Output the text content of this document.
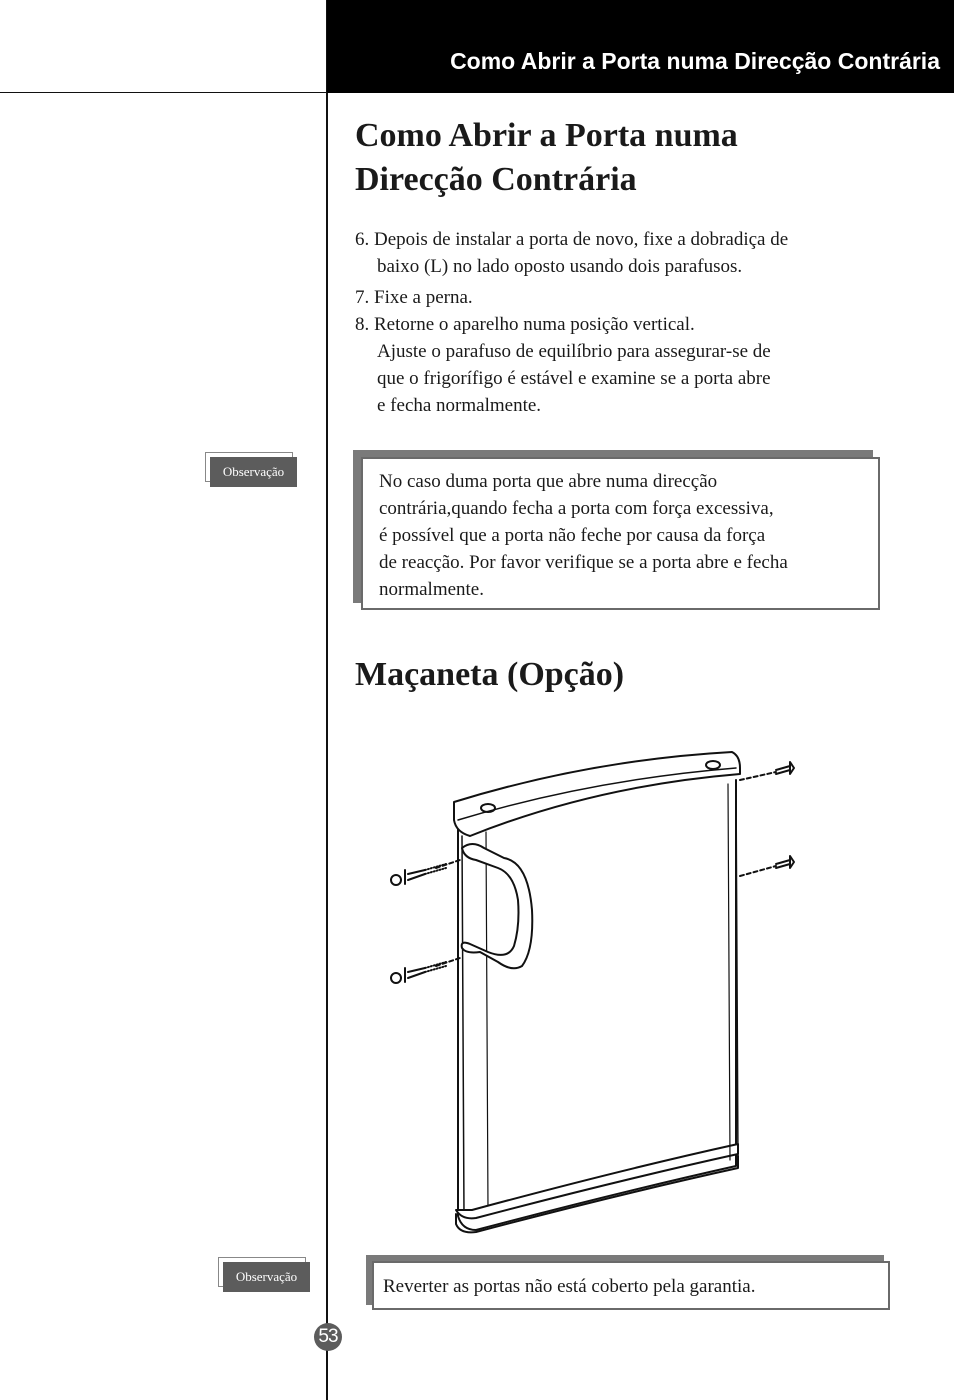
Como Abrir a Porta numa Direcção Contrária
Como Abrir a Porta numa
Direcção Contrária
6. Depois de instalar a porta de novo, fixe a dobradiça de
baixo (L) no lado oposto usando dois parafusos.
7. Fixe a perna.
8. Retorne o aparelho numa posição vertical.
Ajuste o parafuso de equilíbrio para assegurar-se de
que o frigorífigo é estável e examine se a porta abre
e fecha normalmente.
Observação	No caso duma porta que abre numa direcção
contrária,quando fecha a porta com força excessiva,
é possível que a porta não feche por causa da força
de reacção. Por favor verifique se a porta abre e fecha
normalmente.
Maçaneta (Opção)
Observação	Reverter as portas não está coberto pela garantia.
53
